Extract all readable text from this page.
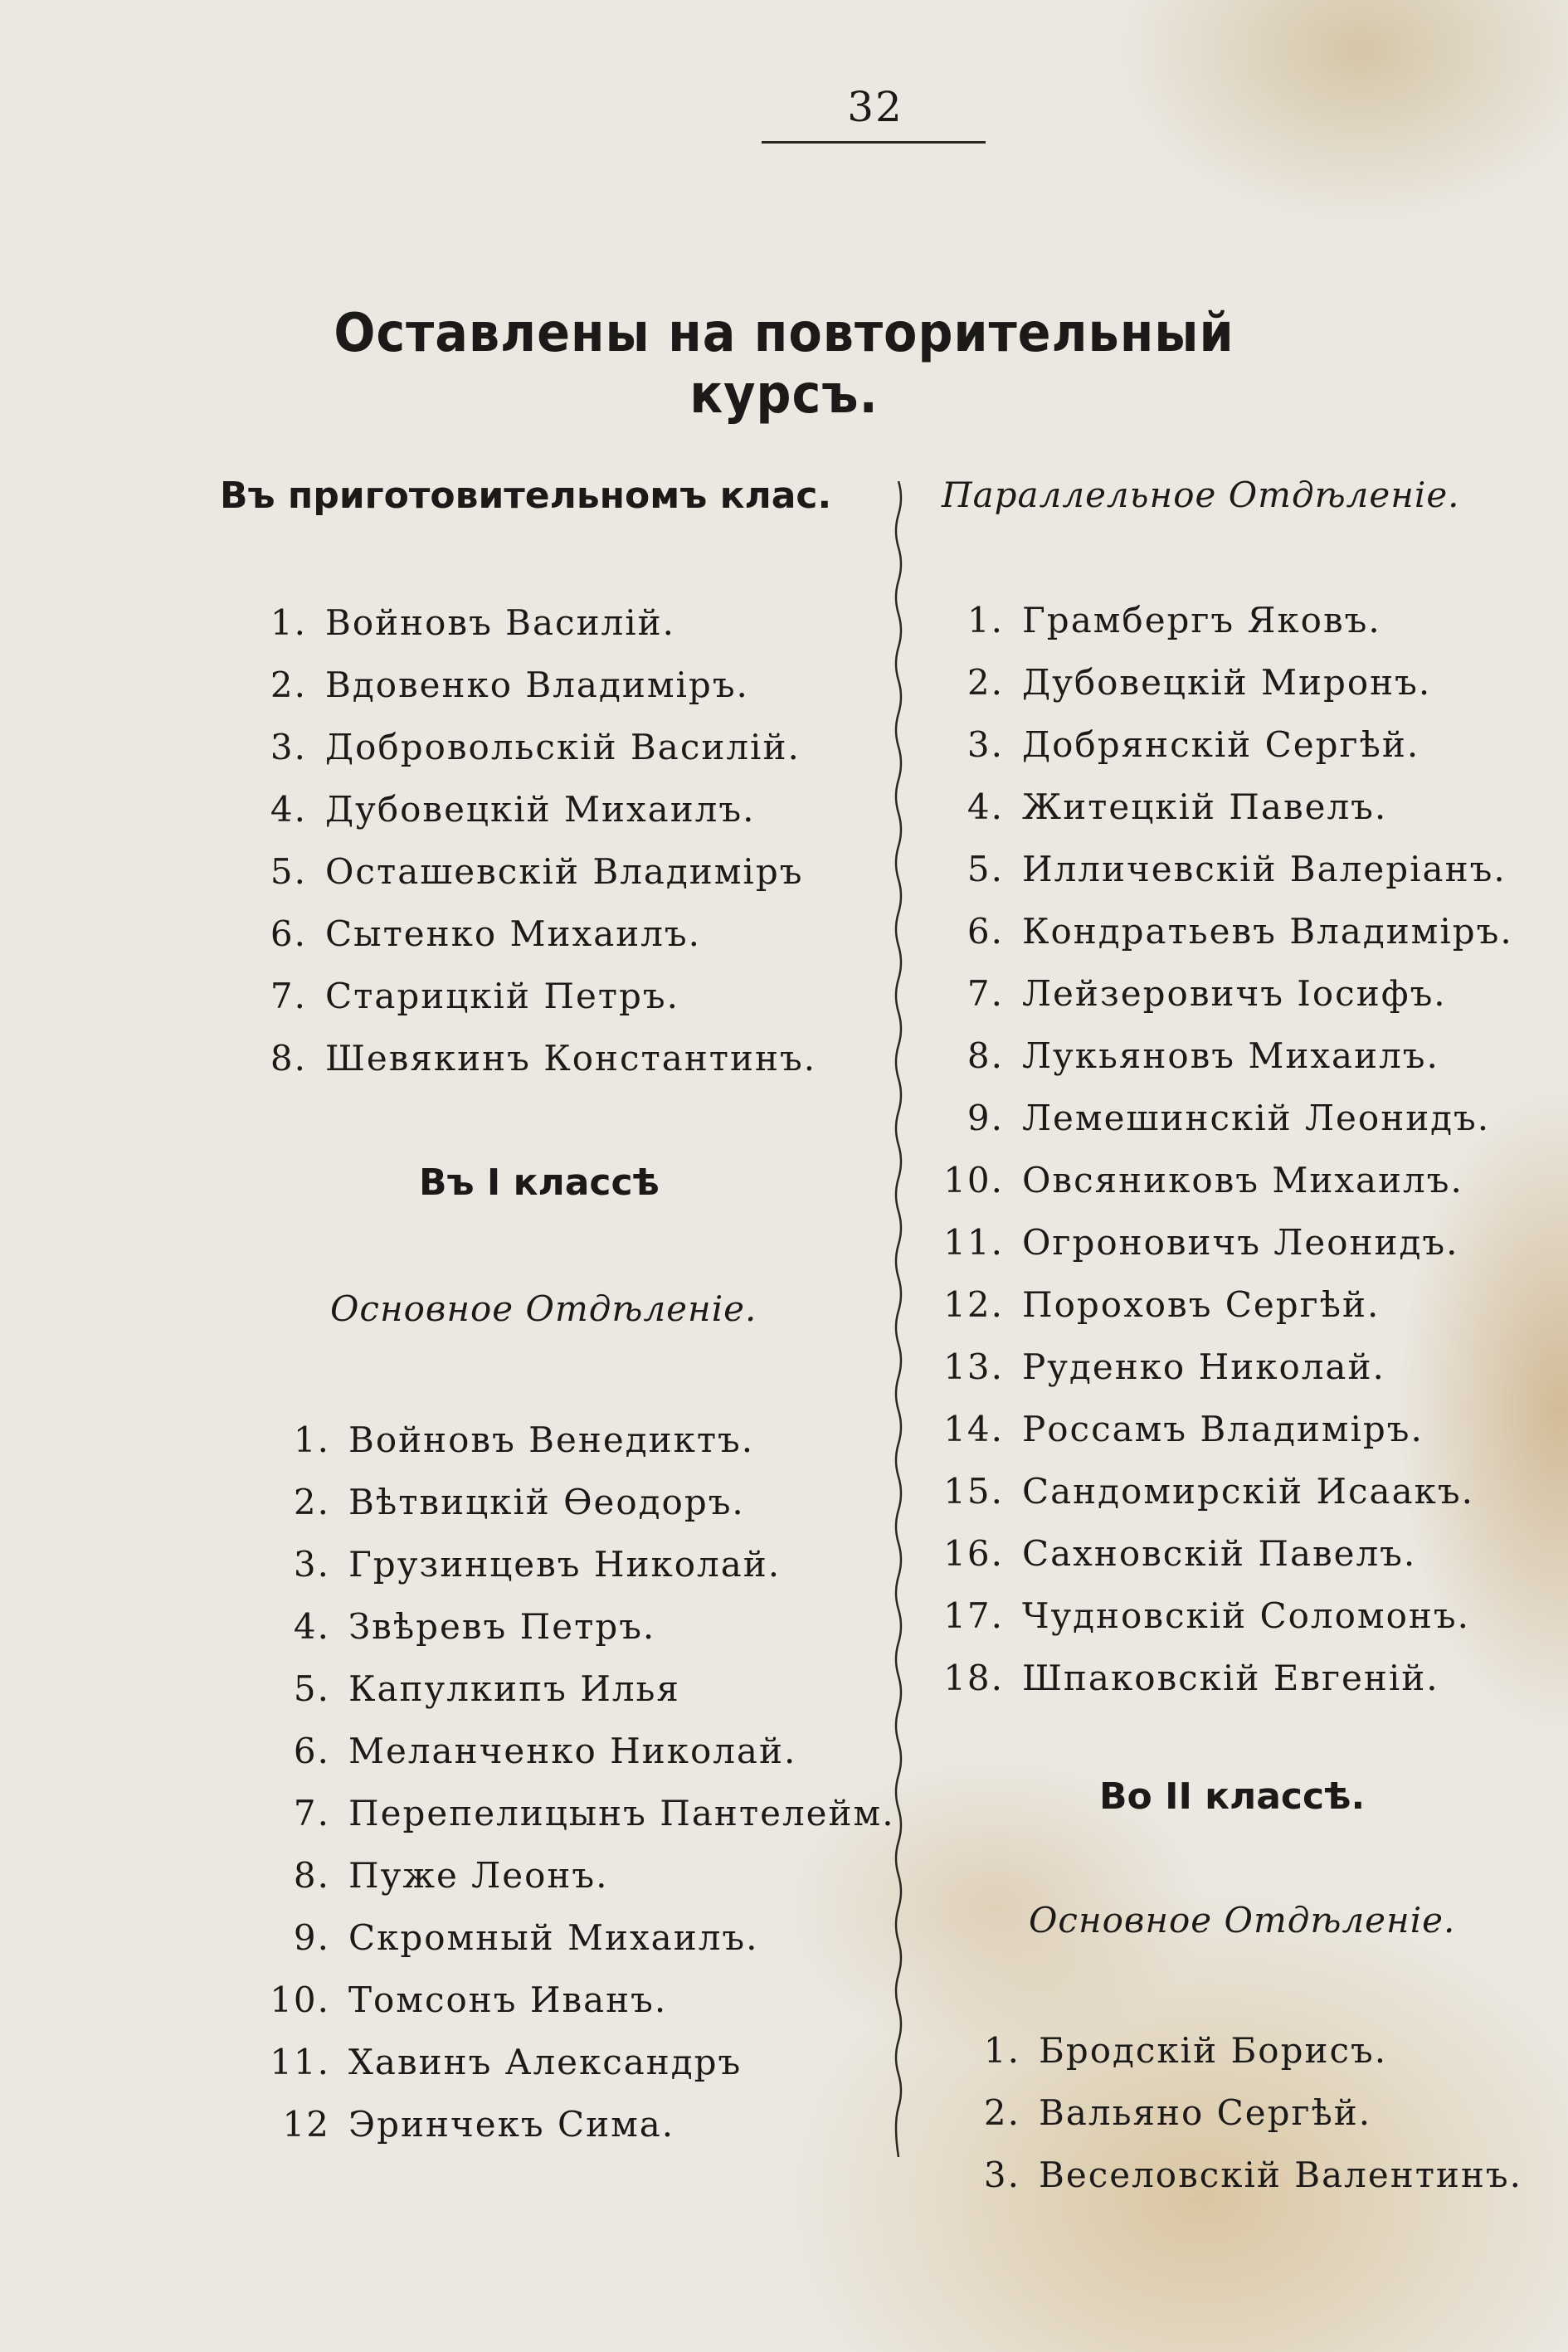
32
Оставлены на повторительный курсъ.
Въ приготовительномъ клас.
1. Войновъ Василiй.
2. Вдовенко Владимiръ.
3. Добровольскiй Василiй.
4. Дубовецкiй Михаилъ.
5. Осташевскiй Владимiръ
6. Сытенко Михаилъ.
7. Старицкiй Петръ.
8. Шевякинъ Константинъ.
Въ I классѣ
Основное Отдѣленiе.
1. Войновъ Венедиктъ.
2. Вѣтвицкiй Ѳеодоръ.
3. Грузинцевъ Николай.
4. Звѣревъ Петръ.
5. Капулкипъ Илья
6. Меланченко Николай.
7. Перепелицынъ Пантелейм.
8. Пуже Леонъ.
9. Скромный Михаилъ.
10. Томсонъ Иванъ.
11. Хавинъ Александръ
12 Эринчекъ Сима.
Параллельное Отдѣленiе.
1. Грамбергъ Яковъ.
2. Дубовецкiй Миронъ.
3. Добрянскiй Сергѣй.
4. Житецкiй Павелъ.
5. Илличевскiй Валерiанъ.
6. Кондратьевъ Владимiръ.
7. Лейзеровичъ Iосифъ.
8. Лукьяновъ Михаилъ.
9. Лемешинскiй Леонидъ.
10. Овсяниковъ Михаилъ.
11. Огроновичъ Леонидъ.
12. Пороховъ Сергѣй.
13. Руденко Николай.
14. Россамъ Владимiръ.
15. Сандомирскiй Исаакъ.
16. Сахновскiй Павелъ.
17. Чудновскiй Соломонъ.
18. Шпаковскiй Евгенiй.
Во II классѣ.
Основное Отдѣленiе.
1. Бродскiй Борисъ.
2. Вальяно Сергѣй.
3. Веселовскiй Валентинъ.
